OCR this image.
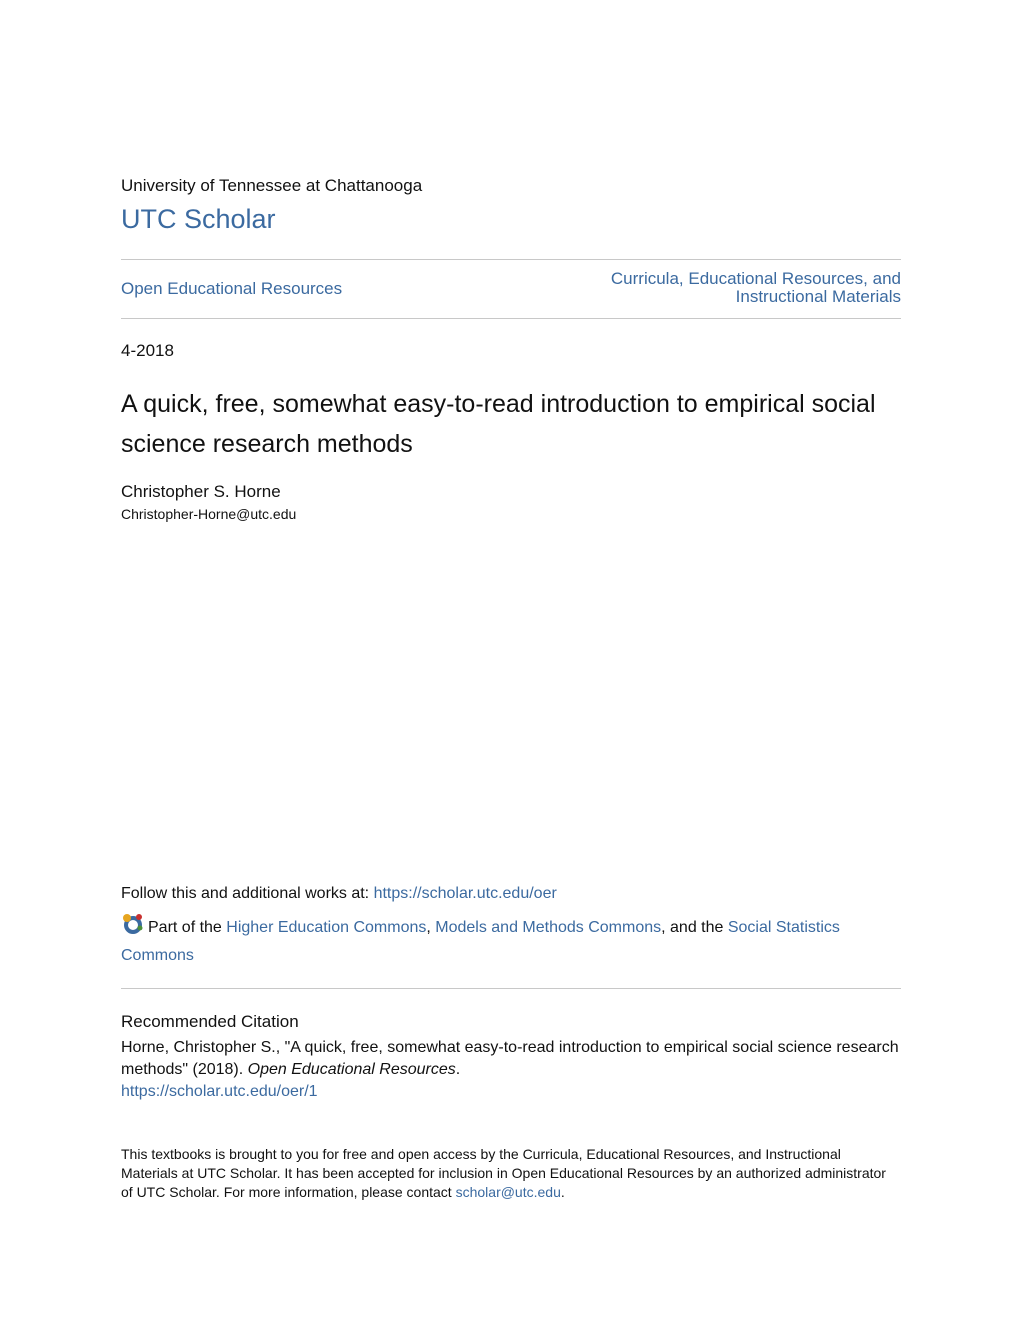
University of Tennessee at Chattanooga
UTC Scholar
Open Educational Resources
Curricula, Educational Resources, and
Instructional Materials
4-2018
A quick, free, somewhat easy-to-read introduction to empirical social science research methods
Christopher S. Horne
Christopher-Horne@utc.edu
Follow this and additional works at: https://scholar.utc.edu/oer
Part of the Higher Education Commons, Models and Methods Commons, and the Social Statistics Commons
Recommended Citation
Horne, Christopher S., "A quick, free, somewhat easy-to-read introduction to empirical social science research methods" (2018). Open Educational Resources.
https://scholar.utc.edu/oer/1
This textbooks is brought to you for free and open access by the Curricula, Educational Resources, and Instructional Materials at UTC Scholar. It has been accepted for inclusion in Open Educational Resources by an authorized administrator of UTC Scholar. For more information, please contact scholar@utc.edu.
